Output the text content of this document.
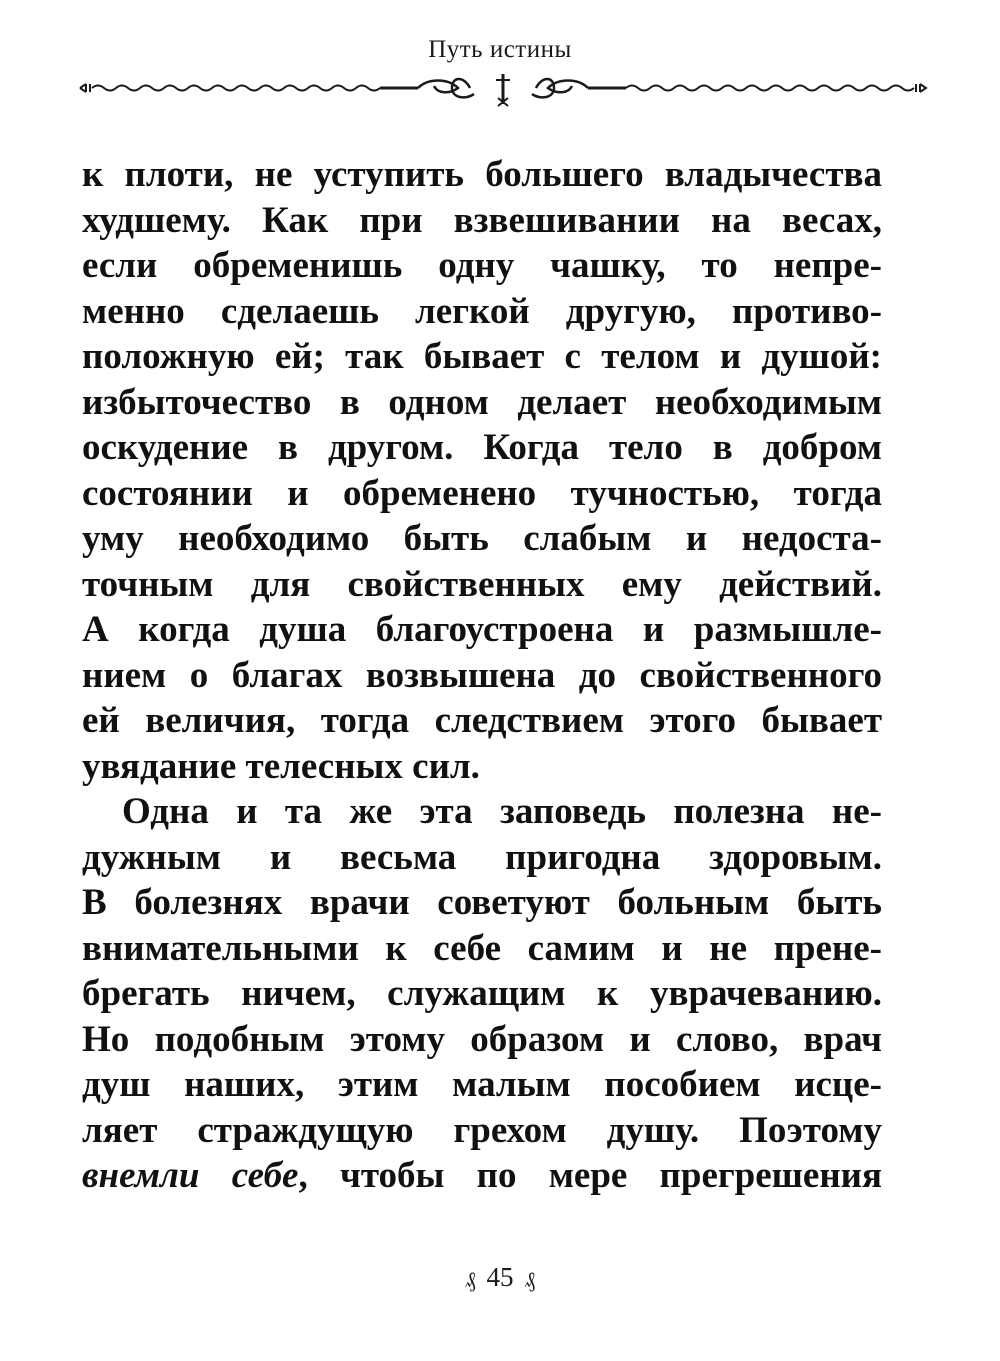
Путь истины
к плоти, не уступить большего владычества
худшему. Как при взвешивании на весах,
если обременишь одну чашку, то непре-
менно сделаешь легкой другую, противо-
положную ей; так бывает с телом и душой:
избыточество в одном делает необходимым
оскудение в другом. Когда тело в добром
состоянии и обременено тучностью, тогда
уму необходимо быть слабым и недоста-
точным для свойственных ему действий.
А когда душа благоустроена и размышле-
нием о благах возвышена до свойственного
ей величия, тогда следствием этого бывает
увядание телесных сил.
Одна и та же эта заповедь полезна не-
дужным и весьма пригодна здоровым.
В болезнях врачи советуют больным быть
внимательными к себе самим и не прене-
брегать ничем, служащим к уврачеванию.
Но подобным этому образом и слово, врач
душ наших, этим малым пособием исце-
ляет страждущую грехом душу. Поэтому
внемли себе, чтобы по мере прегрешения
₰ 45 ₰
